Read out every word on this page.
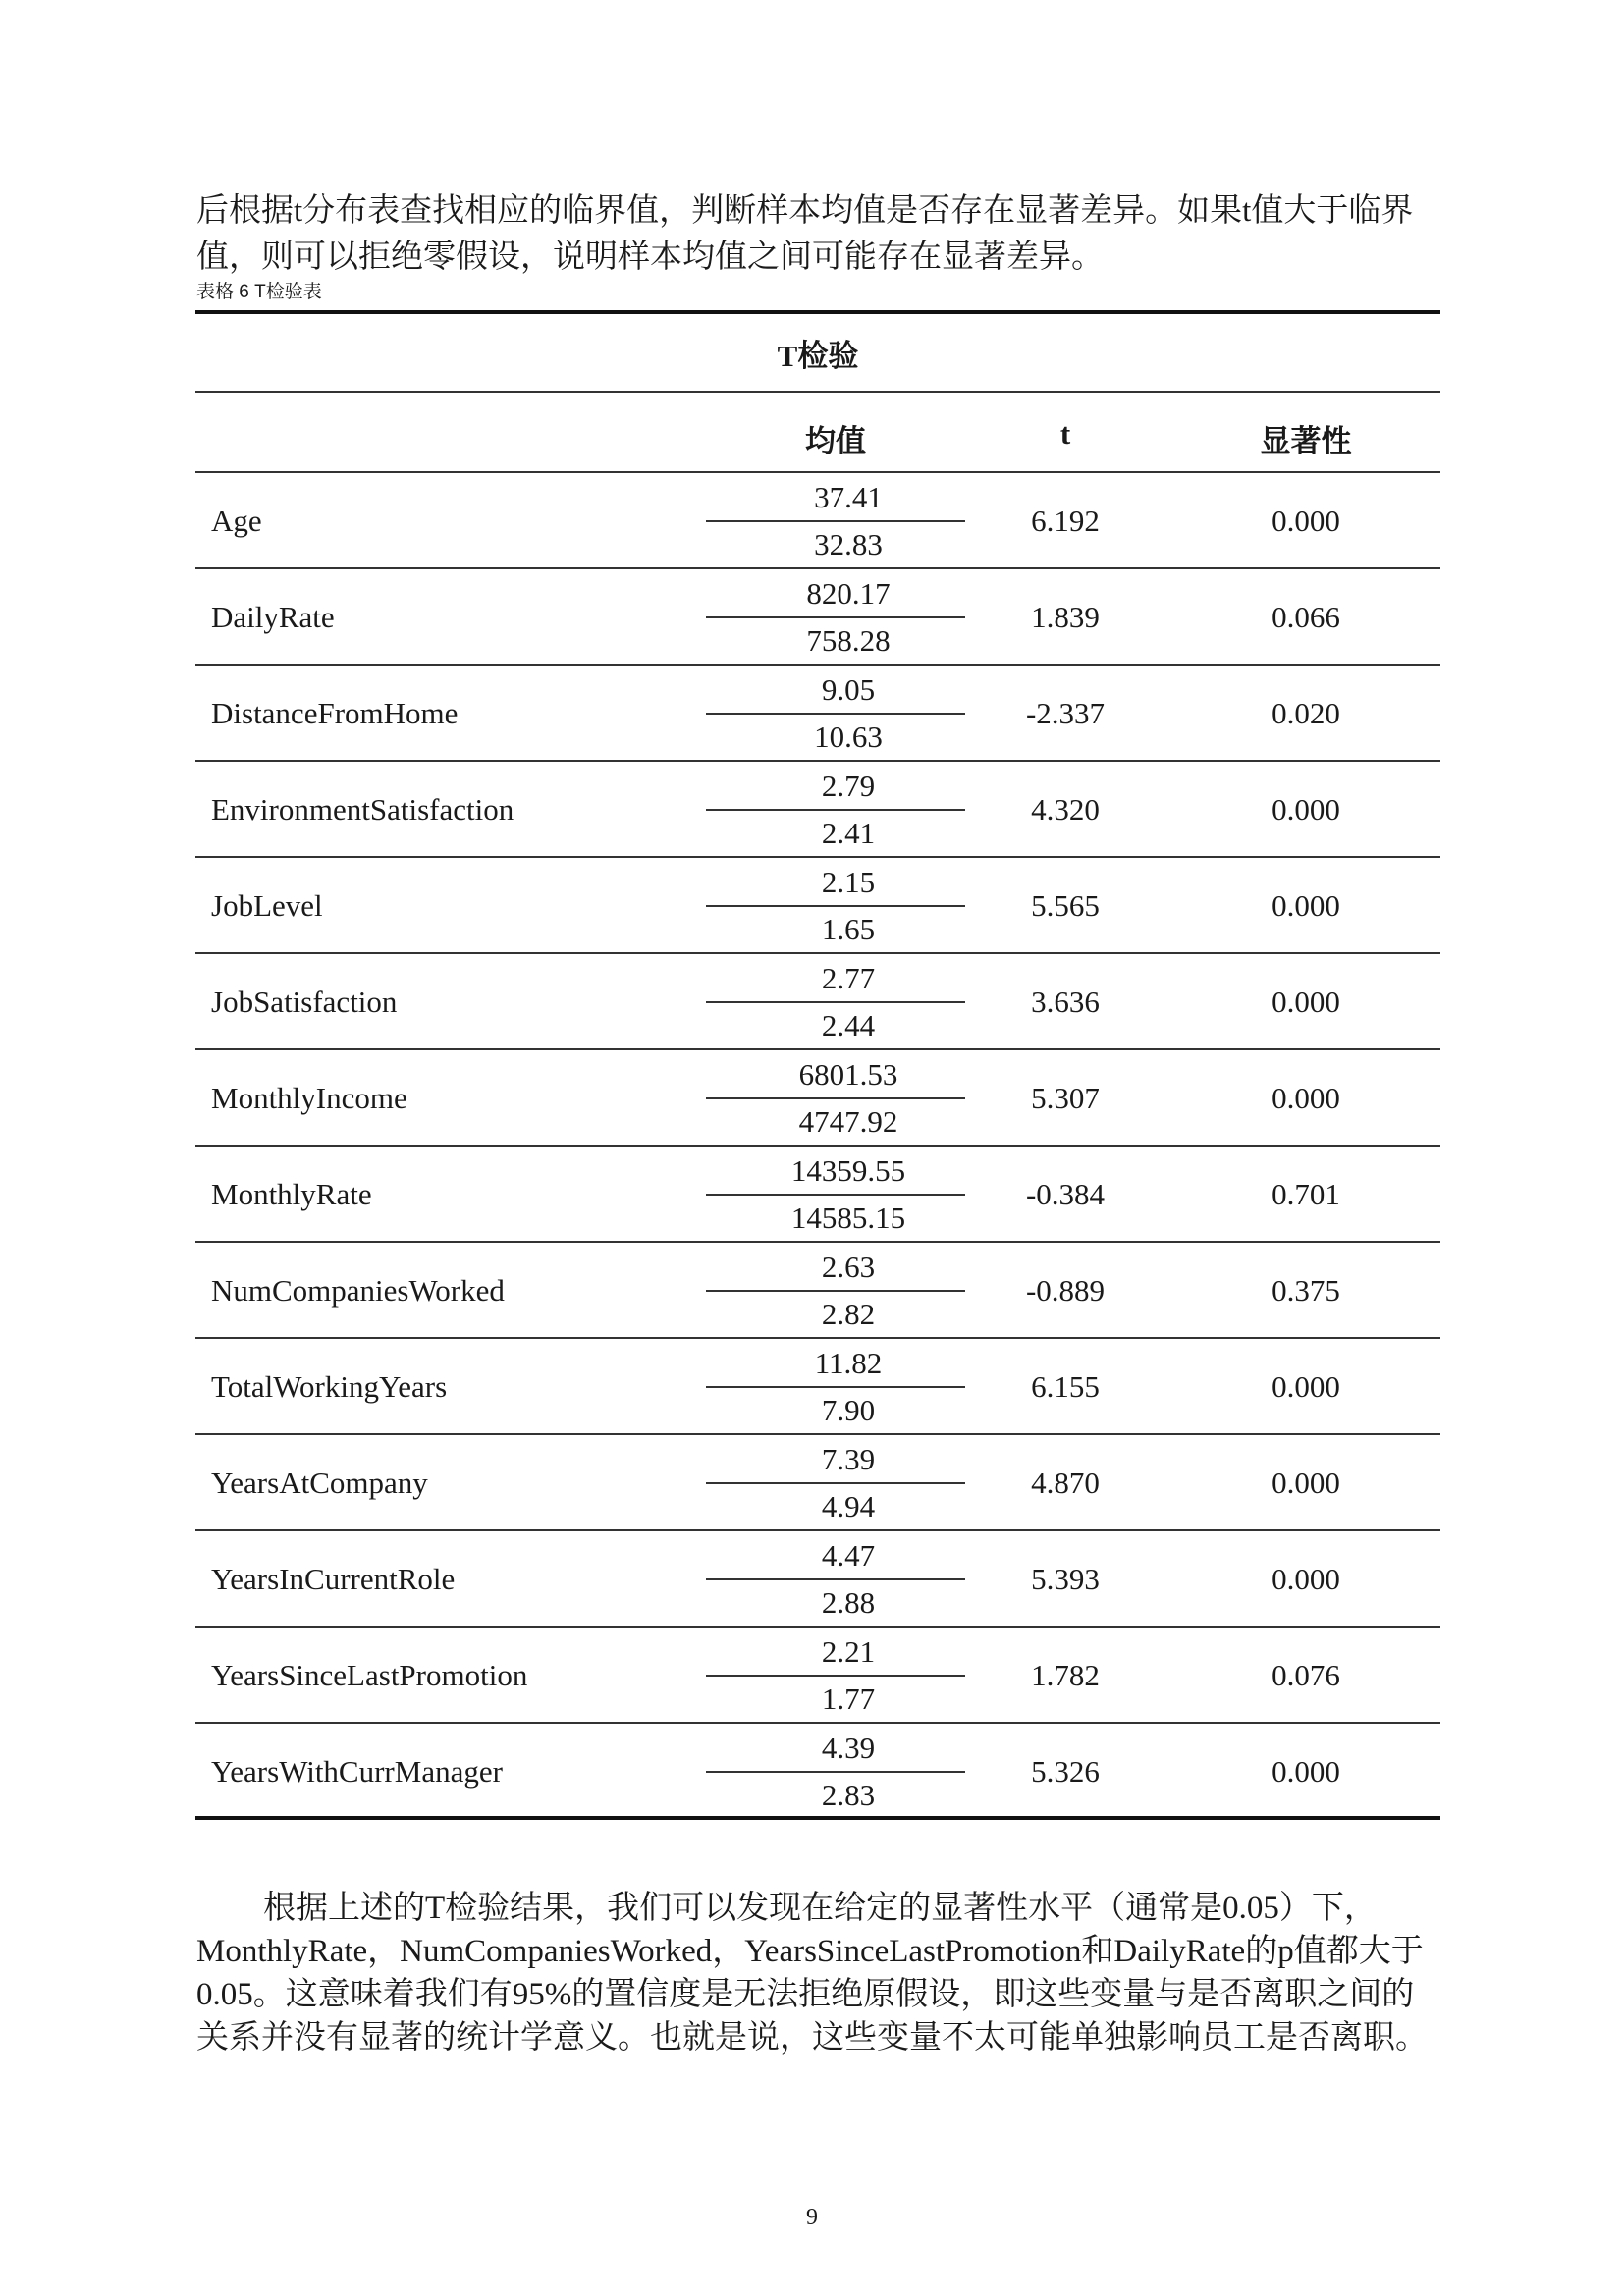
后根据t分布表查找相应的临界值，判断样本均值是否存在显著差异。如果t值大于临界值，则可以拒绝零假设，说明样本均值之间可能存在显著差异。

表格 6 T检验表
T检验
均值	t	显著性
Age
37.41
32.83
6.192	0.000
DailyRate
820.17
758.28
1.839	0.066
DistanceFromHome
9.05
10.63
-2.337	0.020
EnvironmentSatisfaction
2.79
2.41
4.320	0.000
JobLevel
2.15
1.65
5.565	0.000
JobSatisfaction
2.77
2.44
3.636	0.000
MonthlyIncome
6801.53
4747.92
5.307	0.000
MonthlyRate
14359.55
14585.15
-0.384	0.701
NumCompaniesWorked
2.63
2.82
-0.889	0.375
TotalWorkingYears
11.82
7.90
6.155	0.000
YearsAtCompany
7.39
4.94
4.870	0.000
YearsInCurrentRole
4.47
2.88
5.393	0.000
YearsSinceLastPromotion
2.21
1.77
1.782	0.076
YearsWithCurrManager
4.39
2.83
5.326	0.000

根据上述的T检验结果，我们可以发现在给定的显著性水平（通常是0.05）下，MonthlyRate，NumCompaniesWorked，YearsSinceLastPromotion和DailyRate的p值都大于0.05。这意味着我们有95%的置信度是无法拒绝原假设，即这些变量与是否离职之间的关系并没有显著的统计学意义。也就是说，这些变量不太可能单独影响员工是否离职。

9
